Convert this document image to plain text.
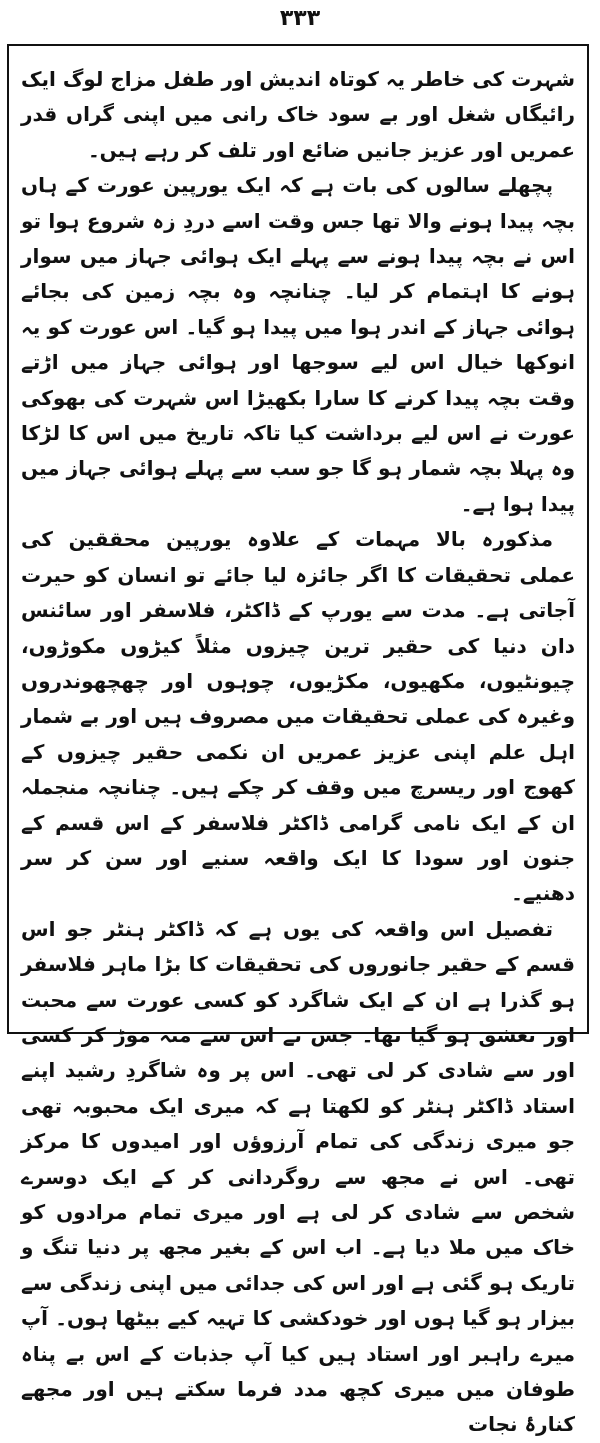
۳۳۳

شہرت کی خاطر یہ کوتاہ اندیش اور طفل مزاج لوگ ایک رائیگاں شغل اور بے سود خاک رانی میں اپنی گراں قدر عمریں اور عزیز جانیں ضائع اور تلف کر رہے ہیں۔

پچھلے سالوں کی بات ہے کہ ایک یورپین عورت کے ہاں بچہ پیدا ہونے والا تھا جس وقت اسے دردِ زہ شروع ہوا تو اس نے بچہ پیدا ہونے سے پہلے ایک ہوائی جہاز میں سوار ہونے کا اہتمام کر لیا۔ چنانچہ وہ بچہ زمین کی بجائے ہوائی جہاز کے اندر ہوا میں پیدا ہو گیا۔ اس عورت کو یہ انوکھا خیال اس لیے سوجھا اور ہوائی جہاز میں اڑتے وقت بچہ پیدا کرنے کا سارا بکھیڑا اس شہرت کی بھوکی عورت نے اس لیے برداشت کیا تاکہ تاریخ میں اس کا لڑکا وہ پہلا بچہ شمار ہو گا جو سب سے پہلے ہوائی جہاز میں پیدا ہوا ہے۔

مذکورہ بالا مہمات کے علاوہ یورپین محققین کی عملی تحقیقات کا اگر جائزہ لیا جائے تو انسان کو حیرت آجاتی ہے۔ مدت سے یورپ کے ڈاکٹر، فلاسفر اور سائنس دان دنیا کی حقیر ترین چیزوں مثلاً کیڑوں مکوڑوں، چیونٹیوں، مکھیوں، مکڑیوں، چوہوں اور چھچھوندروں وغیرہ کی عملی تحقیقات میں مصروف ہیں اور بے شمار اہل علم اپنی عزیز عمریں ان نکمی حقیر چیزوں کے کھوج اور ریسرچ میں وقف کر چکے ہیں۔ چنانچہ منجملہ ان کے ایک نامی گرامی ڈاکٹر فلاسفر کے اس قسم کے جنون اور سودا کا ایک واقعہ سنیے اور سن کر سر دھنیے۔

تفصیل اس واقعہ کی یوں ہے کہ ڈاکٹر ہنٹر جو اس قسم کے حقیر جانوروں کی تحقیقات کا بڑا ماہر فلاسفر ہو گذرا ہے ان کے ایک شاگرد کو کسی عورت سے محبت اور تعشق ہو گیا تھا۔ جس نے اس سے منہ موڑ کر کسی اور سے شادی کر لی تھی۔ اس پر وہ شاگردِ رشید اپنے استاد ڈاکٹر ہنٹر کو لکھتا ہے کہ میری ایک محبوبہ تھی جو میری زندگی کی تمام آرزوؤں اور امیدوں کا مرکز تھی۔ اس نے مجھ سے روگردانی کر کے ایک دوسرے شخص سے شادی کر لی ہے اور میری تمام مرادوں کو خاک میں ملا دیا ہے۔ اب اس کے بغیر مجھ پر دنیا تنگ و تاریک ہو گئی ہے اور اس کی جدائی میں اپنی زندگی سے بیزار ہو گیا ہوں اور خودکشی کا تہیہ کیے بیٹھا ہوں۔ آپ میرے راہبر اور استاد ہیں کیا آپ جذبات کے اس بے پناہ طوفان میں میری کچھ مدد فرما سکتے ہیں اور مجھے کنارۂ نجات
